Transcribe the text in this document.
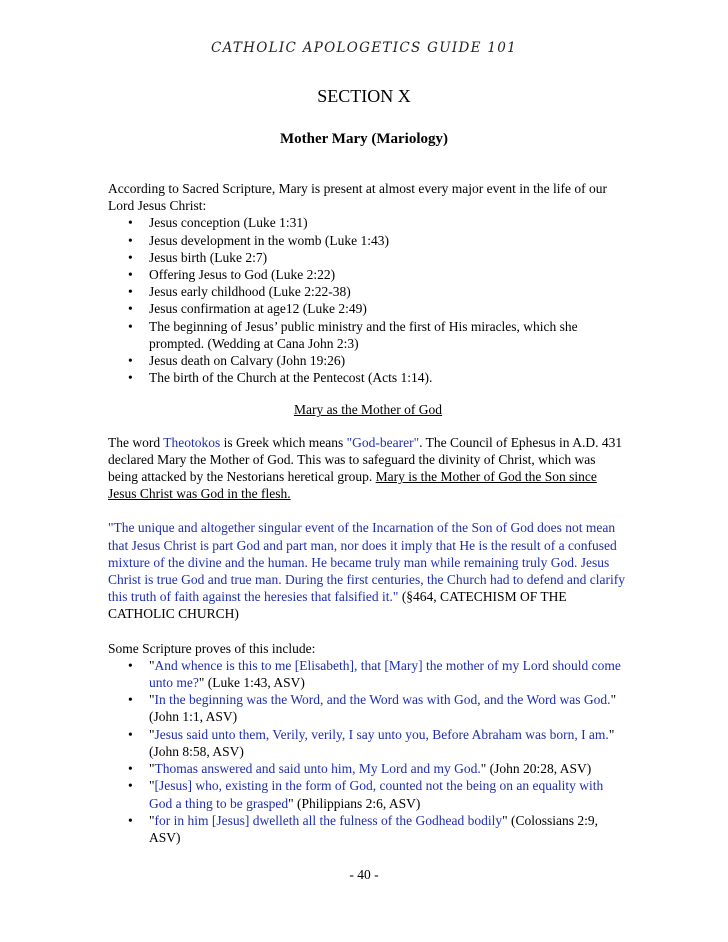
CATHOLIC APOLOGETICS GUIDE 101
SECTION X
Mother Mary (Mariology)

According to Sacred Scripture, Mary is present at almost every major event in the life of our Lord Jesus Christ:

• Jesus conception (Luke 1:31)
• Jesus development in the womb (Luke 1:43)
• Jesus birth (Luke 2:7)
• Offering Jesus to God (Luke 2:22)
• Jesus early childhood (Luke 2:22-38)
• Jesus confirmation at age12 (Luke 2:49)
• The beginning of Jesus’ public ministry and the first of His miracles, which she prompted. (Wedding at Cana John 2:3)
• Jesus death on Calvary (John 19:26)
• The birth of the Church at the Pentecost (Acts 1:14).

Mary as the Mother of God

The word Theotokos is Greek which means "God-bearer". The Council of Ephesus in A.D. 431 declared Mary the Mother of God. This was to safeguard the divinity of Christ, which was being attacked by the Nestorians heretical group. Mary is the Mother of God the Son since Jesus Christ was God in the flesh.

"The unique and altogether singular event of the Incarnation of the Son of God does not mean that Jesus Christ is part God and part man, nor does it imply that He is the result of a confused mixture of the divine and the human. He became truly man while remaining truly God. Jesus Christ is true God and true man. During the first centuries, the Church had to defend and clarify this truth of faith against the heresies that falsified it." (§464, CATECHISM OF THE CATHOLIC CHURCH)

Some Scripture proves of this include:

• "And whence is this to me [Elisabeth], that [Mary] the mother of my Lord should come unto me?" (Luke 1:43, ASV)
• "In the beginning was the Word, and the Word was with God, and the Word was God." (John 1:1, ASV)
• "Jesus said unto them, Verily, verily, I say unto you, Before Abraham was born, I am." (John 8:58, ASV)
• "Thomas answered and said unto him, My Lord and my God." (John 20:28, ASV)
• "[Jesus] who, existing in the form of God, counted not the being on an equality with God a thing to be grasped" (Philippians 2:6, ASV)
• "for in him [Jesus] dwelleth all the fulness of the Godhead bodily" (Colossians 2:9, ASV)
- 40 -
